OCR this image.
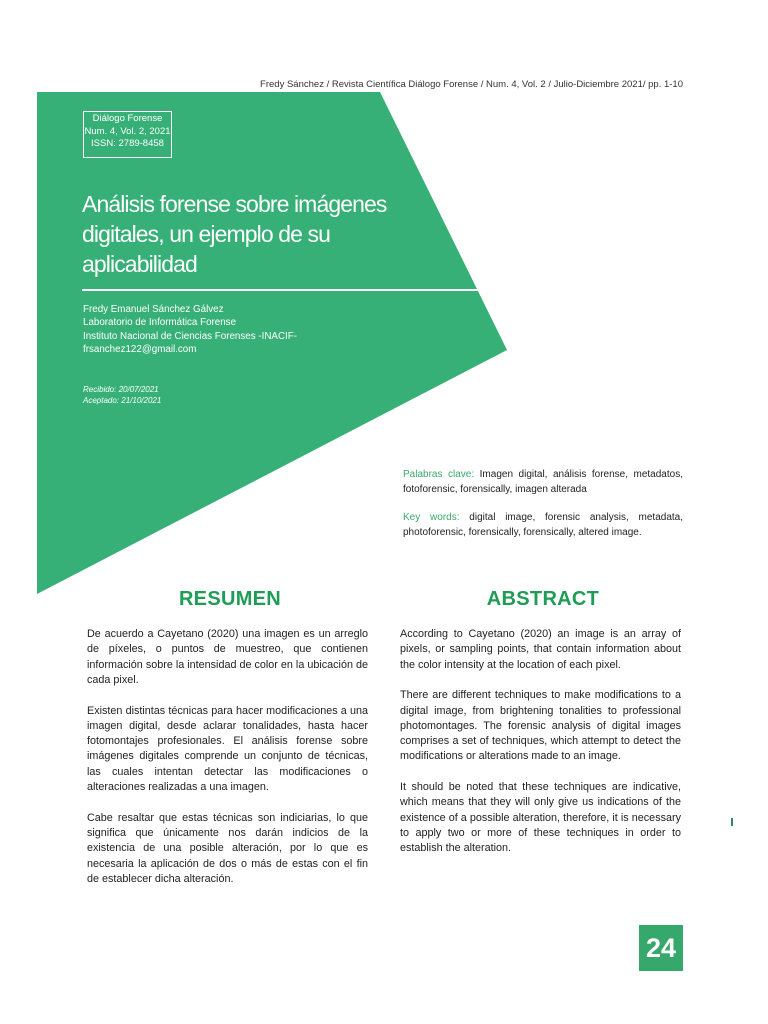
Fredy Sánchez / Revista Científica Diálogo Forense / Num. 4, Vol. 2 / Julio-Diciembre 2021/ pp. 1-10
Diálogo Forense
Num. 4, Vol. 2, 2021
ISSN: 2789-8458
Análisis forense sobre imágenes
digitales, un ejemplo de su
aplicabilidad
Fredy Emanuel Sánchez Gálvez
Laboratorio de Informática Forense
Instituto Nacional de Ciencias Forenses -INACIF-
frsanchez122@gmail.com
Recibido: 20/07/2021
Aceptado: 21/10/2021
Palabras clave: Imagen digital, análisis forense, metadatos, fotoforensic, forensically, imagen alterada
Key words: digital image, forensic analysis, metadata, photoforensic, forensically, forensically, altered image.
RESUMEN	ABSTRACT

De acuerdo a Cayetano (2020) una imagen es un arreglo de píxeles, o puntos de muestreo, que contienen información sobre la intensidad de color en la ubicación de cada pixel.

Existen distintas técnicas para hacer modificaciones a una imagen digital, desde aclarar tonalidades, hasta hacer fotomontajes profesionales. El análisis forense sobre imágenes digitales comprende un conjunto de técnicas, las cuales intentan detectar las modificaciones o alteraciones realizadas a una imagen.

Cabe resaltar que estas técnicas son indiciarias, lo que significa que únicamente nos darán indicios de la existencia de una posible alteración, por lo que es necesaria la aplicación de dos o más de estas con el fin de establecer dicha alteración.

According to Cayetano (2020) an image is an array of pixels, or sampling points, that contain information about the color intensity at the location of each pixel.

There are different techniques to make modifications to a digital image, from brightening tonalities to professional photomontages. The forensic analysis of digital images comprises a set of techniques, which attempt to detect the modifications or alterations made to an image.

It should be noted that these techniques are indicative, which means that they will only give us indications of the existence of a possible alteration, therefore, it is necessary to apply two or more of these techniques in order to establish the alteration.

24
